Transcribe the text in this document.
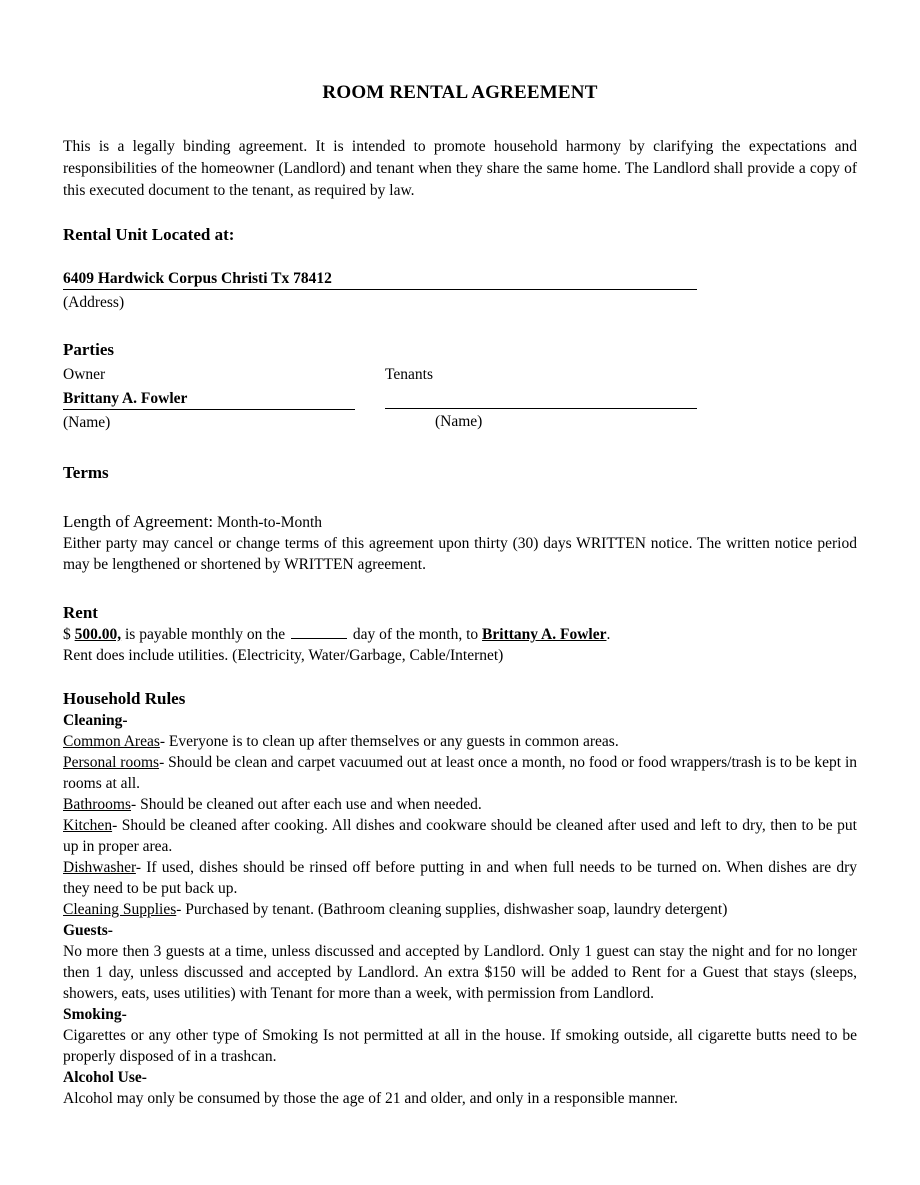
ROOM RENTAL AGREEMENT

This is a legally binding agreement. It is intended to promote household harmony by clarifying the expectations and responsibilities of the homeowner (Landlord) and tenant when they share the same home. The Landlord shall provide a copy of this executed document to the tenant, as required by law.

Rental Unit Located at:
6409 Hardwick Corpus Christi Tx 78412
(Address)
Parties
Owner
Brittany A. Fowler
(Name)
Tenants
(Name)
Terms
Length of Agreement: Month-to-Month

Either party may cancel or change terms of this agreement upon thirty (30) days WRITTEN notice. The written notice period may be lengthened or shortened by WRITTEN agreement.

Rent
$ 500.00, is payable monthly on the	day of the month, to Brittany A. Fowler.
Rent does include utilities. (Electricity, Water/Garbage, Cable/Internet)
Household Rules
Cleaning-

Common Areas- Everyone is to clean up after themselves or any guests in common areas.

Personal rooms- Should be clean and carpet vacuumed out at least once a month, no food or food wrappers/trash is to be kept in rooms at all.

Bathrooms- Should be cleaned out after each use and when needed.

Kitchen- Should be cleaned after cooking. All dishes and cookware should be cleaned after used and left to dry, then to be put up in proper area.

Dishwasher- If used, dishes should be rinsed off before putting in and when full needs to be turned on. When dishes are dry they need to be put back up.

Cleaning Supplies- Purchased by tenant. (Bathroom cleaning supplies, dishwasher soap, laundry detergent)

Guests-

No more then 3 guests at a time, unless discussed and accepted by Landlord. Only 1 guest can stay the night and for no longer then 1 day, unless discussed and accepted by Landlord. An extra $150 will be added to Rent for a Guest that stays (sleeps, showers, eats, uses utilities) with Tenant for more than a week, with permission from Landlord.

Smoking-

Cigarettes or any other type of Smoking Is not permitted at all in the house. If smoking outside, all cigarette butts need to be properly disposed of in a trashcan.

Alcohol Use-

Alcohol may only be consumed by those the age of 21 and older, and only in a responsible manner.
